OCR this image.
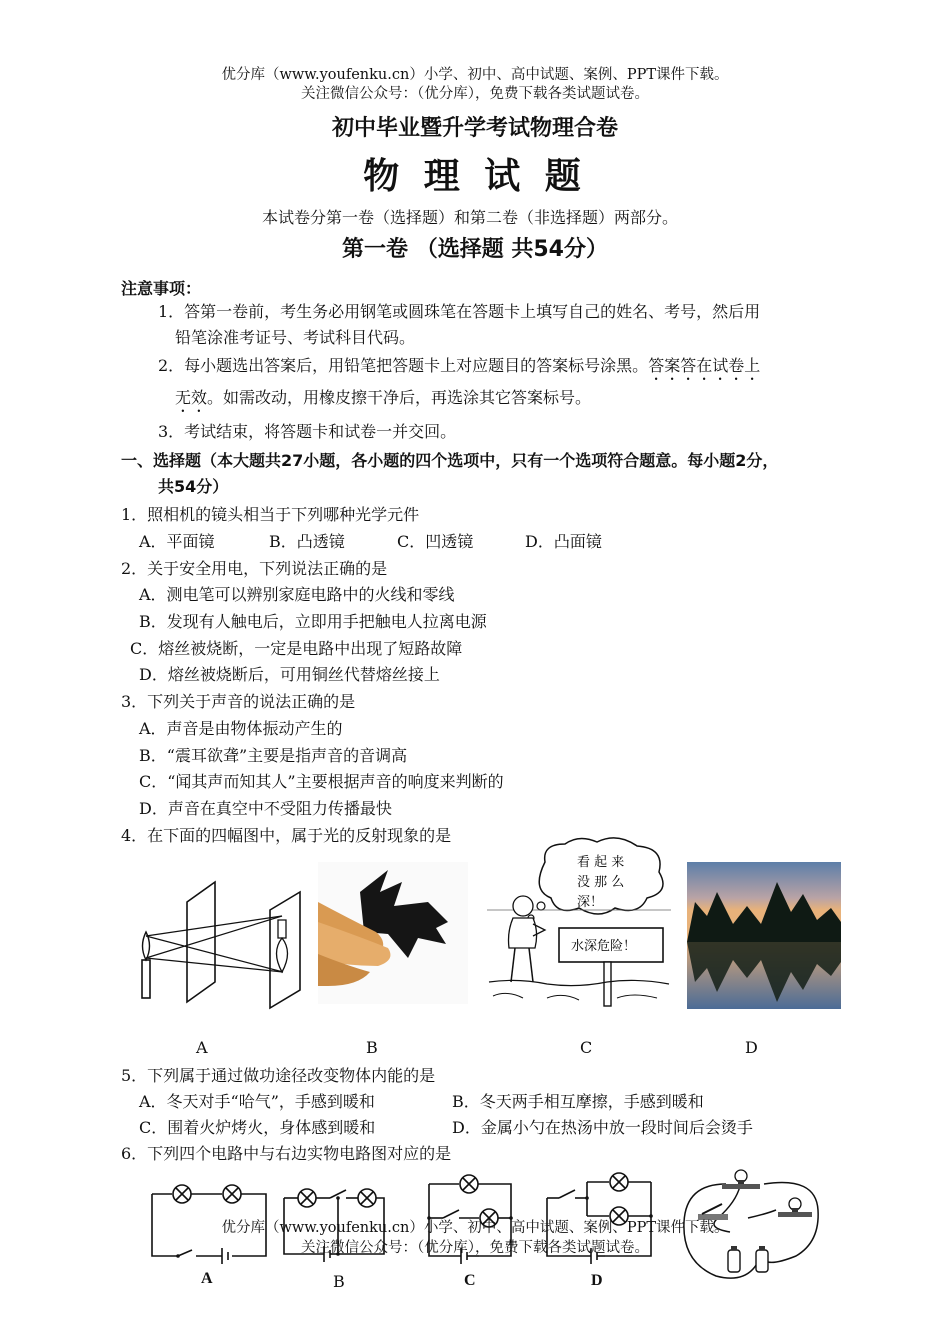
优分库（www.youfenku.cn）小学、初中、高中试题、案例、PPT课件下载。
关注微信公众号：（优分库），免费下载各类试题试卷。
初中毕业暨升学考试物理合卷
物 理 试 题
本试卷分第一卷（选择题）和第二卷（非选择题）两部分。
第一卷 （选择题 共54分）
注意事项：
1．答第一卷前，考生务必用钢笔或圆珠笔在答题卡上填写自己的姓名、考号，然后用
铅笔涂准考证号、考试科目代码。
2．每小题选出答案后，用铅笔把答题卡上对应题目的答案标号涂黑。答案答在试卷上
无效。如需改动，用橡皮擦干净后，再选涂其它答案标号。
3．考试结束，将答题卡和试卷一并交回。
一、选择题（本大题共27小题，各小题的四个选项中，只有一个选项符合题意。每小题2分，
共54分）
1．照相机的镜头相当于下列哪种光学元件
A．平面镜	B．凸透镜	C．凹透镜	D．凸面镜
2．关于安全用电，下列说法正确的是
A．测电笔可以辨别家庭电路中的火线和零线
B．发现有人触电后，立即用手把触电人拉离电源
C．熔丝被烧断，一定是电路中出现了短路故障
D．熔丝被烧断后，可用铜丝代替熔丝接上
3．下列关于声音的说法正确的是
A．声音是由物体振动产生的
B．“震耳欲聋”主要是指声音的音调高
C．“闻其声而知其人”主要根据声音的响度来判断的
D．声音在真空中不受阻力传播最快
4．在下面的四幅图中，属于光的反射现象的是
看 起 来
没 那 么
深！
水深危险！
A	B	C	D
5．下列属于通过做功途径改变物体内能的是
A．冬天对手“哈气”，手感到暖和	B．冬天两手相互摩擦，手感到暖和
C．围着火炉烤火，身体感到暖和	D．金属小勺在热汤中放一段时间后会烫手
6．下列四个电路中与右边实物电路图对应的是
优分库（www.youfenku.cn）小学、初中、高中试题、案例、PPT课件下载。
关注微信公众号：（优分库），免费下载各类试题试卷。
A	B	C	D
